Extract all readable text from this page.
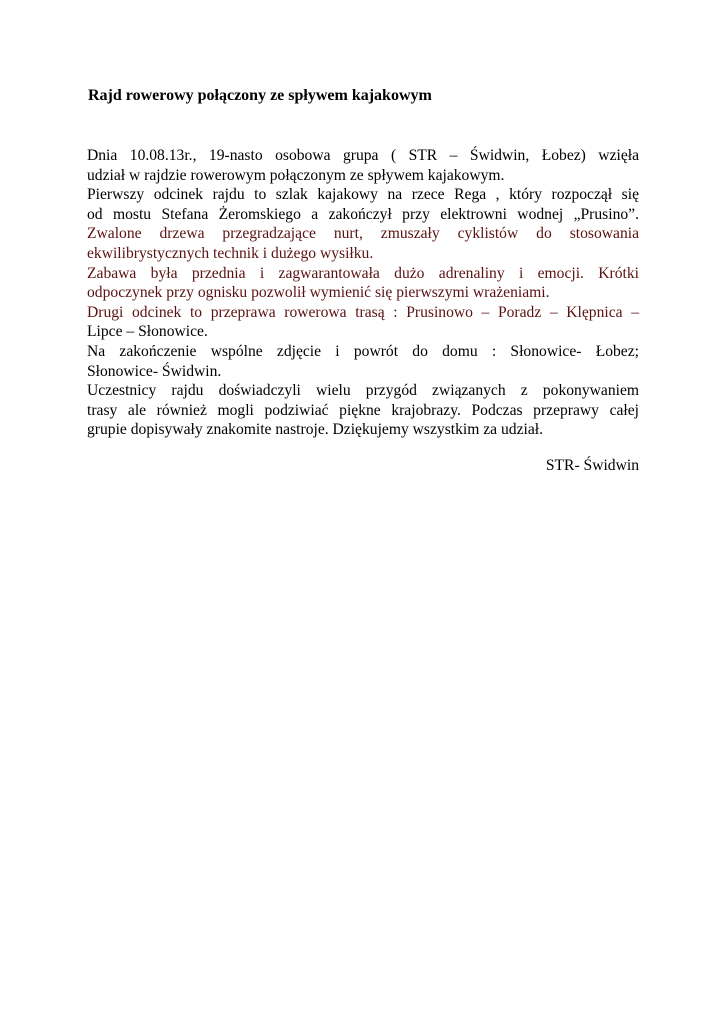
Rajd rowerowy połączony ze spływem kajakowym
Dnia 10.08.13r., 19-nasto osobowa grupa ( STR – Świdwin, Łobez) wzięła
udział w rajdzie rowerowym połączonym ze spływem kajakowym.
Pierwszy odcinek rajdu to szlak kajakowy na rzece Rega , który rozpoczął się
od mostu Stefana Żeromskiego a zakończył przy elektrowni wodnej „Prusino”.
Zwalone drzewa przegradzające nurt, zmuszały cyklistów do stosowania
ekwilibrystycznych technik i dużego wysiłku.
Zabawa była przednia i zagwarantowała dużo adrenaliny i emocji. Krótki
odpoczynek przy ognisku pozwolił wymienić się pierwszymi wrażeniami.
Drugi odcinek to przeprawa rowerowa trasą : Prusinowo – Poradz – Klępnica –
Lipce – Słonowice.
Na zakończenie wspólne zdjęcie i powrót do domu : Słonowice- Łobez;
Słonowice- Świdwin.
Uczestnicy rajdu doświadczyli wielu przygód związanych z pokonywaniem
trasy ale również mogli podziwiać piękne krajobrazy. Podczas przeprawy całej
grupie dopisywały znakomite nastroje. Dziękujemy wszystkim za udział.

STR- Świdwin
